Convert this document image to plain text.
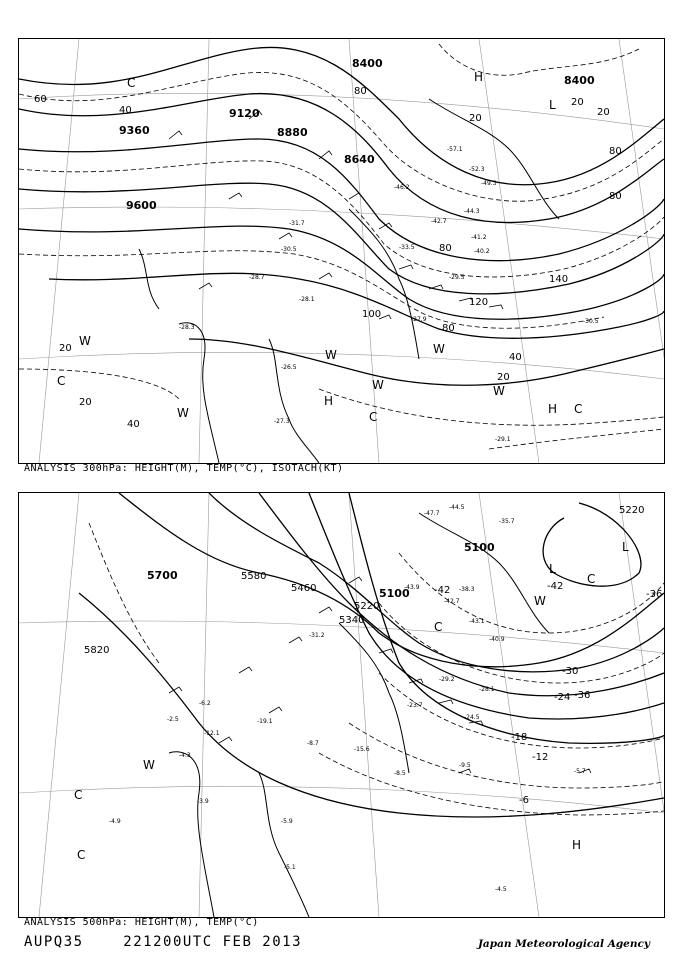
9360
9120
8880
8640
8400
8400
9600
60
40
20
80
20
20
80
80
80
120
140
100
80
40
20
20
20
40
-57.1
-52.3
-49.3
-46.2
-44.3
-42.7
-41.2
-40.2
-33.5
-31.7
-30.5
-29.5
-28.7
-28.3
-28.1
-27.9
-27.3
-26.5
-29.1
-30.5
L
H
H
H
C
C
C
C
W
W
W
W
W
W
ANALYSIS 300hPa: HEIGHT(M), TEMP(°C), ISOTACH(KT)
5700	5580
5460
5340
5220
5100
5820
5220
5100
-42
-36
-30
-24
-18
-12
-6
-36
-42
-47.7
-44.5
-43.9
-43.1
-42.7
-40.9
-38.3
-35.7
-31.2
-29.2
-28.1
-24.5
-23.7
-19.1
-15.6
-12.1
-9.5
-8.7
-8.5
-6.2
-5.7
-5.9
-5.1
-4.9
-4.5
-4.3
-3.9
-2.5
L
L
H
C
C
C
C
W
W
ANALYSIS 500hPa: HEIGHT(M), TEMP(°C)
AUPQ35	221200UTC FEB 2013	Japan Meteorological Agency
